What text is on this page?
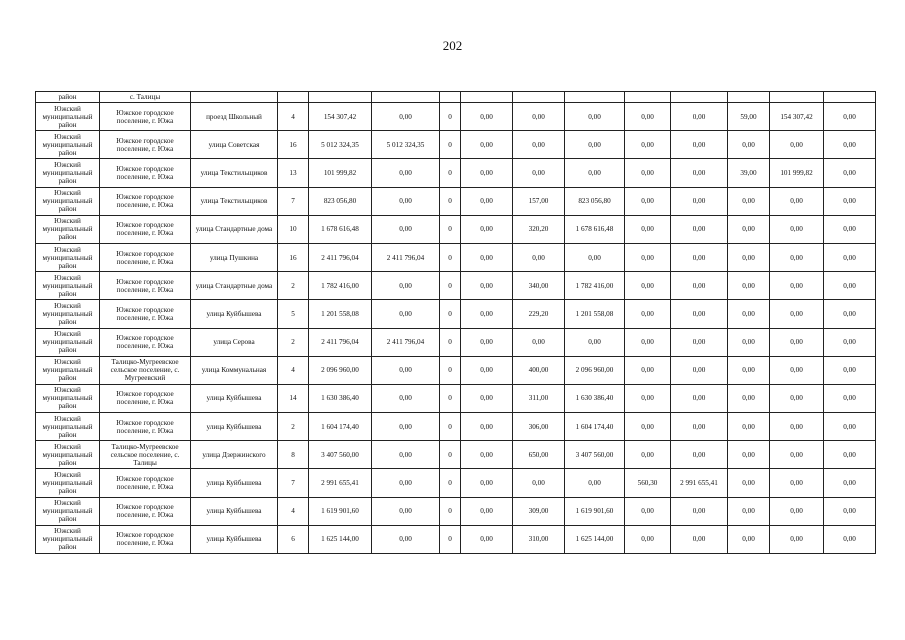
202
район	с. Талицы													
Южский муниципальный район	Южское городское поселение, г. Южа	проезд Школьный	4	154 307,42	0,00	0	0,00	0,00	0,00	0,00	0,00	59,00	154 307,42	0,00
Южский муниципальный район	Южское городское поселение, г. Южа	улица Советская	16	5 012 324,35	5 012 324,35	0	0,00	0,00	0,00	0,00	0,00	0,00	0,00	0,00
Южский муниципальный район	Южское городское поселение, г. Южа	улица Текстильщиков	13	101 999,82	0,00	0	0,00	0,00	0,00	0,00	0,00	39,00	101 999,82	0,00
Южский муниципальный район	Южское городское поселение, г. Южа	улица Текстильщиков	7	823 056,80	0,00	0	0,00	157,00	823 056,80	0,00	0,00	0,00	0,00	0,00
Южский муниципальный район	Южское городское поселение, г. Южа	улица Стандартные дома	10	1 678 616,48	0,00	0	0,00	320,20	1 678 616,48	0,00	0,00	0,00	0,00	0,00
Южский муниципальный район	Южское городское поселение, г. Южа	улица Пушкина	16	2 411 796,04	2 411 796,04	0	0,00	0,00	0,00	0,00	0,00	0,00	0,00	0,00
Южский муниципальный район	Южское городское поселение, г. Южа	улица Стандартные дома	2	1 782 416,00	0,00	0	0,00	340,00	1 782 416,00	0,00	0,00	0,00	0,00	0,00
Южский муниципальный район	Южское городское поселение, г. Южа	улица Куйбышева	5	1 201 558,08	0,00	0	0,00	229,20	1 201 558,08	0,00	0,00	0,00	0,00	0,00
Южский муниципальный район	Южское городское поселение, г. Южа	улица Серова	2	2 411 796,04	2 411 796,04	0	0,00	0,00	0,00	0,00	0,00	0,00	0,00	0,00
Южский муниципальный район	Талицко-Мугреевское сельское поселение, с. Мугреевский	улица Коммунальная	4	2 096 960,00	0,00	0	0,00	400,00	2 096 960,00	0,00	0,00	0,00	0,00	0,00
Южский муниципальный район	Южское городское поселение, г. Южа	улица Куйбышева	14	1 630 386,40	0,00	0	0,00	311,00	1 630 386,40	0,00	0,00	0,00	0,00	0,00
Южский муниципальный район	Южское городское поселение, г. Южа	улица Куйбышева	2	1 604 174,40	0,00	0	0,00	306,00	1 604 174,40	0,00	0,00	0,00	0,00	0,00
Южский муниципальный район	Талицко-Мугреевское сельское поселение, с. Талицы	улица Дзержинского	8	3 407 560,00	0,00	0	0,00	650,00	3 407 560,00	0,00	0,00	0,00	0,00	0,00
Южский муниципальный район	Южское городское поселение, г. Южа	улица Куйбышева	7	2 991 655,41	0,00	0	0,00	0,00	0,00	560,30	2 991 655,41	0,00	0,00	0,00
Южский муниципальный район	Южское городское поселение, г. Южа	улица Куйбышева	4	1 619 901,60	0,00	0	0,00	309,00	1 619 901,60	0,00	0,00	0,00	0,00	0,00
Южский муниципальный район	Южское городское поселение, г. Южа	улица Куйбышева	6	1 625 144,00	0,00	0	0,00	310,00	1 625 144,00	0,00	0,00	0,00	0,00	0,00
